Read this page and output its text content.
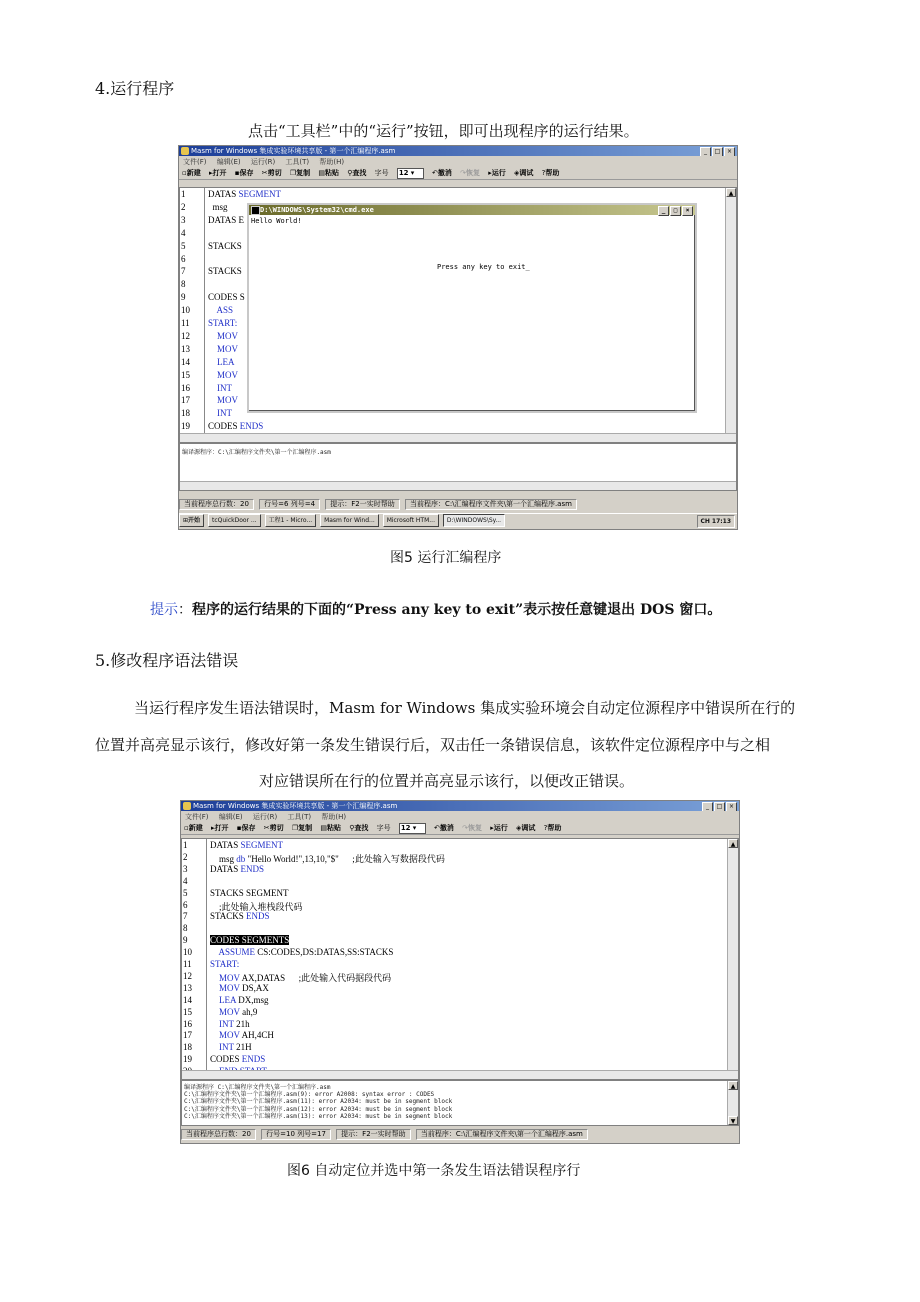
4.运行程序
点击“工具栏”中的“运行”按钮，即可出现程序的运行结果。
Masm for Windows 集成实验环境共享版 - 第一个汇编程序.asm	_	□	×
文件(F) 编辑(E) 运行(R) 工具(T) 帮助(H)
▫新建 ▸打开 ▪保存 ✂剪切 ❐复制 ▤粘贴 ⚲查找 字号 12 ▾	↶撤消 ↷恢复 ▸运行 ◈调试 ?帮助
1
2
3
4
5
6
7
8
9
10
11
12
13
14
15
16
17
18
19
DATAS SEGMENT
msg
DATAS E
STACKS
STACKS
CODES S
ASS
START:
MOV
MOV
LEA
MOV
INT
MOV
INT
CODES ENDS

▲
编译源程序：C:\汇编程序文件夹\第一个汇编程序.asm
当前程序总行数：20 行号=6 列号=4 提示：F2一实时帮助 当前程序：C:\汇编程序文件夹\第一个汇编程序.asm
⊞开始 tcQuickDoor ... 工程1 - Micro... Masm for Wind... Microsoft HTM... D:\WINDOWS\Sy...	CH 17:13
D:\WINDOWS\System32\cmd.exe	_	□	×
Hello World!
Press any key to exit_
图5 运行汇编程序
提示：程序的运行结果的下面的“Press any key to exit”表示按任意键退出 DOS 窗口。
5.修改程序语法错误
当运行程序发生语法错误时，Masm for Windows 集成实验环境会自动定位源程序中错误所在行的
位置并高亮显示该行，修改好第一条发生错误行后，双击任一条错误信息，该软件定位源程序中与之相
对应错误所在行的位置并高亮显示该行，以便改正错误。
Masm for Windows 集成实验环境共享版 - 第一个汇编程序.asm	_	□	×
文件(F) 编辑(E) 运行(R) 工具(T) 帮助(H)
▫新建 ▸打开 ▪保存 ✂剪切 ❐复制 ▤粘贴 ⚲查找 字号 12 ▾	↶撤消 ↷恢复 ▸运行 ◈调试 ?帮助
1
2
3
4
5
6
7
8
9
10
11
12
13
14
15
16
17
18
19
DATAS SEGMENT
msg db "Hello World!",13,10,"$"      ;此处输入写数据段代码
DATAS ENDS
STACKS SEGMENT
;此处输入堆栈段代码
STACKS ENDS
CODES SEGMENTS
ASSUME CS:CODES,DS:DATAS,SS:STACKS
START:
MOV AX,DATAS      ;此处输入代码据段代码
MOV DS,AX
LEA DX,msg
MOV ah,9
INT 21h
MOV AH,4CH
INT 21H
CODES ENDS

▲
编译源程序 C:\汇编程序文件夹\第一个汇编程序.asm
C:\汇编程序文件夹\第一个汇编程序.asm(9): error A2008: syntax error : CODES
C:\汇编程序文件夹\第一个汇编程序.asm(11): error A2034: must be in segment block
C:\汇编程序文件夹\第一个汇编程序.asm(12): error A2034: must be in segment block
C:\汇编程序文件夹\第一个汇编程序.asm(13): error A2034: must be in segment block
▲
▼
当前程序总行数：20 行号=10 列号=17 提示：F2一实时帮助 当前程序：C:\汇编程序文件夹\第一个汇编程序.asm
图6 自动定位并选中第一条发生语法错误程序行
